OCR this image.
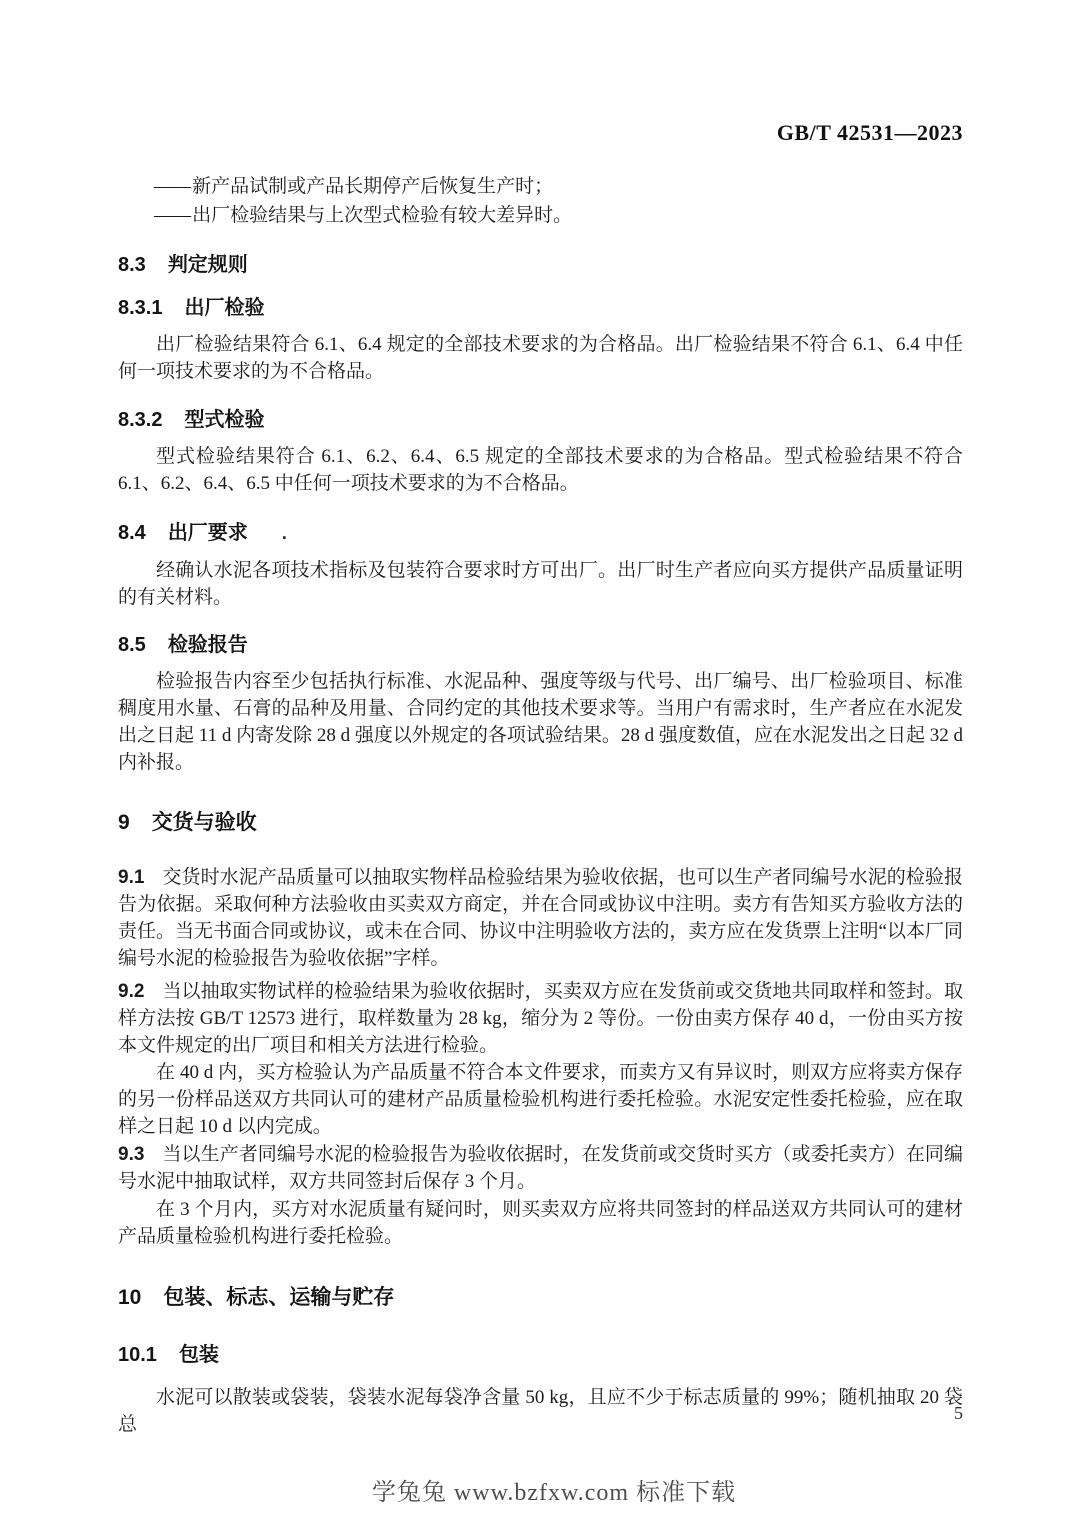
GB/T 42531—2023
—— 新产品试制或产品长期停产后恢复生产时；
—— 出厂检验结果与上次型式检验有较大差异时。
8.3 判定规则
8.3.1 出厂检验

出厂检验结果符合 6.1、6.4 规定的全部技术要求的为合格品。出厂检验结果不符合 6.1、6.4 中任何一项技术要求的为不合格品。

8.3.2 型式检验

型式检验结果符合 6.1、6.2、6.4、6.5 规定的全部技术要求的为合格品。型式检验结果不符合 6.1、6.2、6.4、6.5 中任何一项技术要求的为不合格品。

8.4 出厂要求 .

经确认水泥各项技术指标及包装符合要求时方可出厂。出厂时生产者应向买方提供产品质量证明的有关材料。

8.5 检验报告

检验报告内容至少包括执行标准、水泥品种、强度等级与代号、出厂编号、出厂检验项目、标准稠度用水量、石膏的品种及用量、合同约定的其他技术要求等。当用户有需求时，生产者应在水泥发出之日起 11 d 内寄发除 28 d 强度以外规定的各项试验结果。28 d 强度数值，应在水泥发出之日起 32 d 内补报。

9 交货与验收

9.1 交货时水泥产品质量可以抽取实物样品检验结果为验收依据，也可以生产者同编号水泥的检验报告为依据。采取何种方法验收由买卖双方商定，并在合同或协议中注明。卖方有告知买方验收方法的责任。当无书面合同或协议，或未在合同、协议中注明验收方法的，卖方应在发货票上注明“以本厂同编号水泥的检验报告为验收依据”字样。

9.2 当以抽取实物试样的检验结果为验收依据时，买卖双方应在发货前或交货地共同取样和签封。取样方法按 GB/T 12573 进行，取样数量为 28 kg，缩分为 2 等份。一份由卖方保存 40 d，一份由买方按本文件规定的出厂项目和相关方法进行检验。

在 40 d 内，买方检验认为产品质量不符合本文件要求，而卖方又有异议时，则双方应将卖方保存的另一份样品送双方共同认可的建材产品质量检验机构进行委托检验。水泥安定性委托检验，应在取样之日起 10 d 以内完成。

9.3 当以生产者同编号水泥的检验报告为验收依据时，在发货前或交货时买方（或委托卖方）在同编号水泥中抽取试样，双方共同签封后保存 3 个月。

在 3 个月内，买方对水泥质量有疑问时，则买卖双方应将共同签封的样品送双方共同认可的建材产品质量检验机构进行委托检验。

10 包装、标志、运输与贮存
10.1 包装

水泥可以散装或袋装，袋装水泥每袋净含量 50 kg，且应不少于标志质量的 99%；随机抽取 20 袋总

5
学兔兔 www.bzfxw.com 标准下载
